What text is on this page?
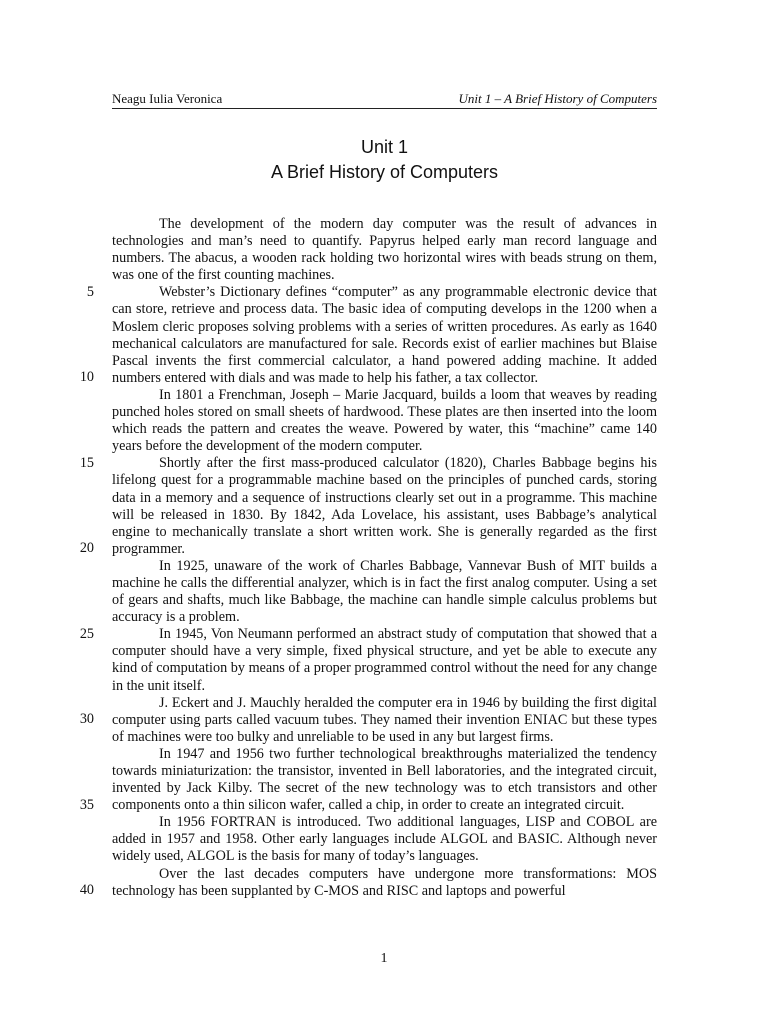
Neagu Iulia Veronica	Unit 1 – A Brief History of Computers
Unit 1
A Brief History of Computers
5
10
15
20
25
30
35
40

The development of the modern day computer was the result of advances in technologies and man’s need to quantify. Papyrus helped early man record language and numbers. The abacus, a wooden rack holding two horizontal wires with beads strung on them, was one of the first counting machines.

Webster’s Dictionary defines “computer” as any programmable electronic device that can store, retrieve and process data. The basic idea of computing develops in the 1200 when a Moslem cleric proposes solving problems with a series of written procedures. As early as 1640 mechanical calculators are manufactured for sale. Records exist of earlier machines but Blaise Pascal invents the first commercial calculator, a hand powered adding machine. It added numbers entered with dials and was made to help his father, a tax collector.

In 1801 a Frenchman, Joseph – Marie Jacquard, builds a loom that weaves by reading punched holes stored on small sheets of hardwood. These plates are then inserted into the loom which reads the pattern and creates the weave. Powered by water, this “machine” came 140 years before the development of the modern computer.

Shortly after the first mass-produced calculator (1820), Charles Babbage begins his lifelong quest for a programmable machine based on the principles of punched cards, storing data in a memory and a sequence of instructions clearly set out in a programme. This machine will be released in 1830. By 1842, Ada Lovelace, his assistant, uses Babbage’s analytical engine to mechanically translate a short written work. She is generally regarded as the first programmer.

In 1925, unaware of the work of Charles Babbage, Vannevar Bush of MIT builds a machine he calls the differential analyzer, which is in fact the first analog computer. Using a set of gears and shafts, much like Babbage, the machine can handle simple calculus problems but accuracy is a problem.

In 1945, Von Neumann performed an abstract study of computation that showed that a computer should have a very simple, fixed physical structure, and yet be able to execute any kind of computation by means of a proper programmed control without the need for any change in the unit itself.

J. Eckert and J. Mauchly heralded the computer era in 1946 by building the first digital computer using parts called vacuum tubes. They named their invention ENIAC but these types of machines were too bulky and unreliable to be used in any but largest firms.

In 1947 and 1956 two further technological breakthroughs materialized the tendency towards miniaturization: the transistor, invented in Bell laboratories, and the integrated circuit, invented by Jack Kilby. The secret of the new technology was to etch transistors and other components onto a thin silicon wafer, called a chip, in order to create an integrated circuit.

In 1956 FORTRAN is introduced. Two additional languages, LISP and COBOL are added in 1957 and 1958. Other early languages include ALGOL and BASIC. Although never widely used, ALGOL is the basis for many of today’s languages.

Over the last decades computers have undergone more transformations: MOS technology has been supplanted by C-MOS and RISC and laptops and powerful

1
